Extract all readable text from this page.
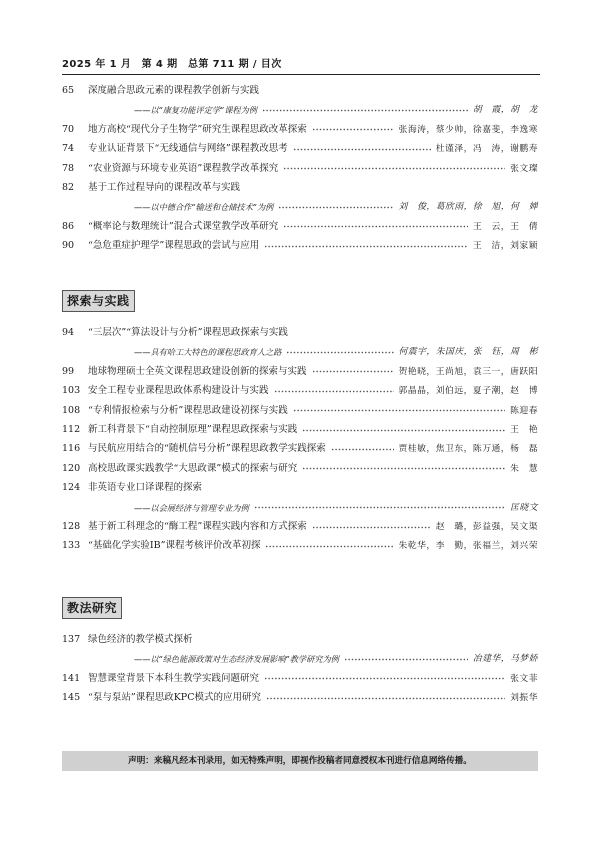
2025 年 1 月　第 4 期　总第 711 期 / 目次
65	深度融合思政元素的课程教学创新与实践
——以“康复功能评定学”课程为例	胡　霞，胡　龙
70	地方高校“现代分子生物学”研究生课程思政改革探索	张海涛，蔡少帅，徐嘉斐，李逸寒
74	专业认证背景下“无线通信与网络”课程教改思考	杜谨泽，冯　涛，谢鹏寿
78	“农业资源与环境专业英语”课程教学改革探究	张文璨
82	基于工作过程导向的课程改革与实践
——以中德合作“输送和仓储技术”为例	刘　俊，葛欣雨，徐　旭，何　婵
86	“概率论与数理统计”混合式课堂教学改革研究	王　云，王　倩
90	“急危重症护理学”课程思政的尝试与应用	王　洁，刘家颖
探索与实践
94	“三层次”“算法设计与分析”课程思政探索与实践
——具有哈工大特色的课程思政育人之路	何震宇，朱国庆，张　钰，周　彬
99	地球物理硕士全英文课程思政建设创新的探索与实践	贺艳晓，王尚旭，袁三一，唐跃阳
103 安全工程专业课程思政体系构建设计与实践	郭晶晶，刘伯远，夏子潮，赵　博
108 “专利情报检索与分析”课程思政建设初探与实践	陈迎春
112 新工科背景下“自动控制原理”课程思政探索与实践	王　艳
116 与民航应用结合的“随机信号分析”课程思政教学实践探索	贾桂敏，焦卫东，陈万通，杨　磊
120 高校思政课实践教学“大思政课”模式的探索与研究	朱　慧
124 非英语专业口译课程的探索
——以会展经济与管理专业为例	匡晓文
128 基于新工科理念的“酶工程”课程实践内容和方式探索	赵　璐，彭益强，吴文渠
133 “基础化学实验IB”课程考核评价改革初探	朱乾华，李　勤，张福兰，刘兴荣
教法研究
137 绿色经济的教学模式探析
——以“绿色能源政策对生态经济发展影响”教学研究为例	冶建华，马梦娇
141 智慧课堂背景下本科生教学实践问题研究	张文菲
145 “泵与泵站”课程思政KPC模式的应用研究	刘振华
声明：来稿凡经本刊录用，如无特殊声明，即视作投稿者同意授权本刊进行信息网络传播。
